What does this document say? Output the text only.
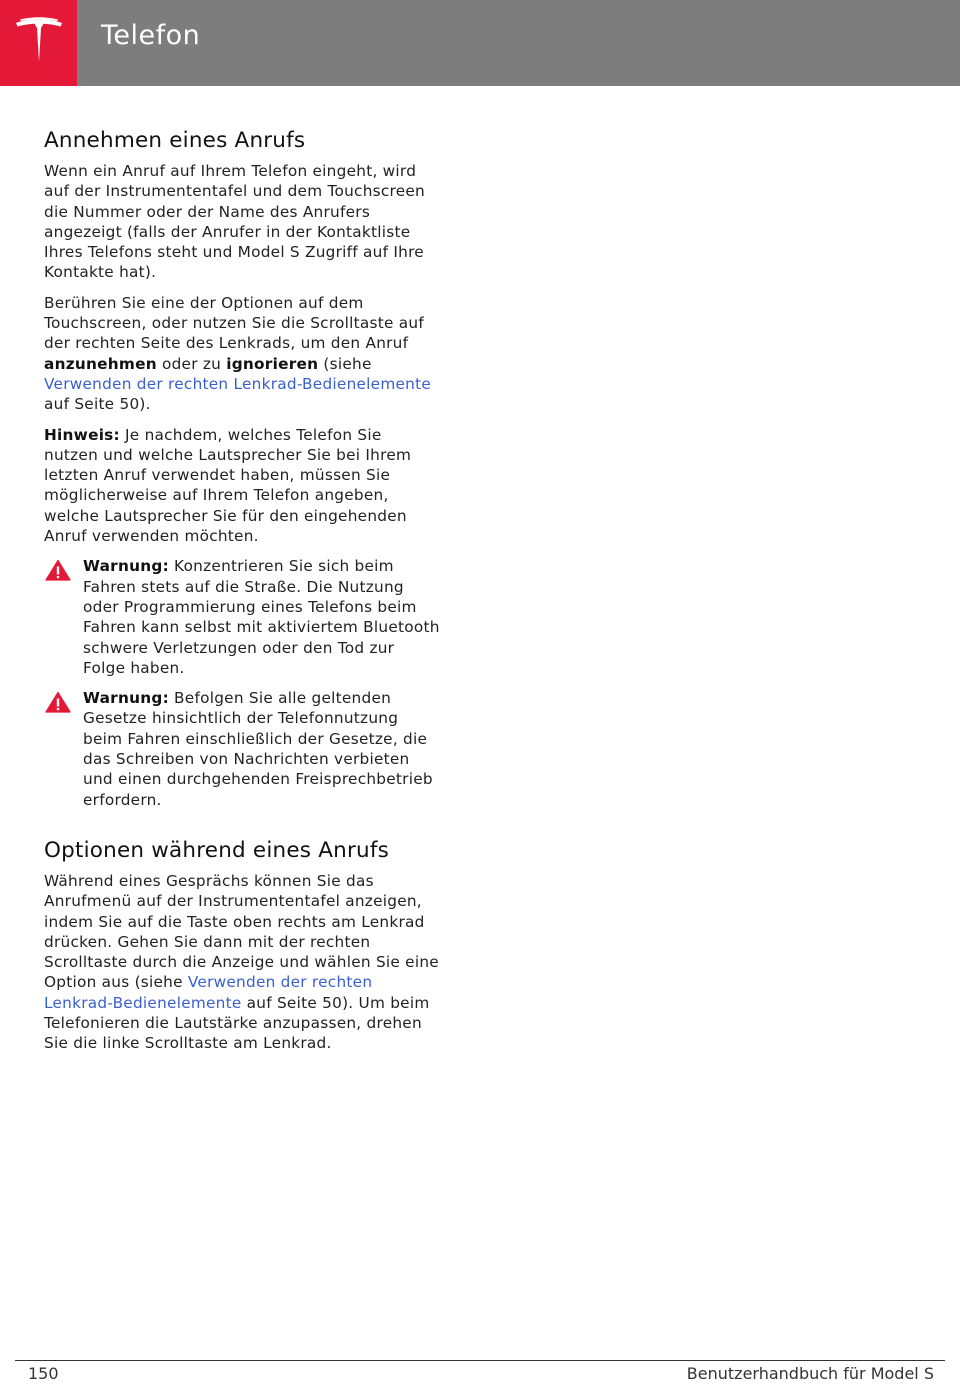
Telefon
Annehmen eines Anrufs

Wenn ein Anruf auf Ihrem Telefon eingeht, wird auf der Instrumententafel und dem Touchscreen die Nummer oder der Name des Anrufers angezeigt (falls der Anrufer in der Kontaktliste Ihres Telefons steht und Model S Zugriff auf Ihre Kontakte hat).

Berühren Sie eine der Optionen auf dem Touchscreen, oder nutzen Sie die Scrolltaste auf der rechten Seite des Lenkrads, um den Anruf anzunehmen oder zu ignorieren (siehe Verwenden der rechten Lenkrad-Bedienelemente auf Seite 50).

Hinweis: Je nachdem, welches Telefon Sie nutzen und welche Lautsprecher Sie bei Ihrem letzten Anruf verwendet haben, müssen Sie möglicherweise auf Ihrem Telefon angeben, welche Lautsprecher Sie für den eingehenden Anruf verwenden möchten.

Warnung: Konzentrieren Sie sich beim Fahren stets auf die Straße. Die Nutzung oder Programmierung eines Telefons beim Fahren kann selbst mit aktiviertem Bluetooth schwere Verletzungen oder den Tod zur Folge haben.

Warnung: Befolgen Sie alle geltenden Gesetze hinsichtlich der Telefonnutzung beim Fahren einschließlich der Gesetze, die das Schreiben von Nachrichten verbieten und einen durchgehenden Freisprechbetrieb erfordern.

Optionen während eines Anrufs

Während eines Gesprächs können Sie das Anrufmenü auf der Instrumententafel anzeigen, indem Sie auf die Taste oben rechts am Lenkrad drücken. Gehen Sie dann mit der rechten Scrolltaste durch die Anzeige und wählen Sie eine Option aus (siehe Verwenden der rechten Lenkrad-Bedienelemente auf Seite 50). Um beim Telefonieren die Lautstärke anzupassen, drehen Sie die linke Scrolltaste am Lenkrad.

150	Benutzerhandbuch für Model S
